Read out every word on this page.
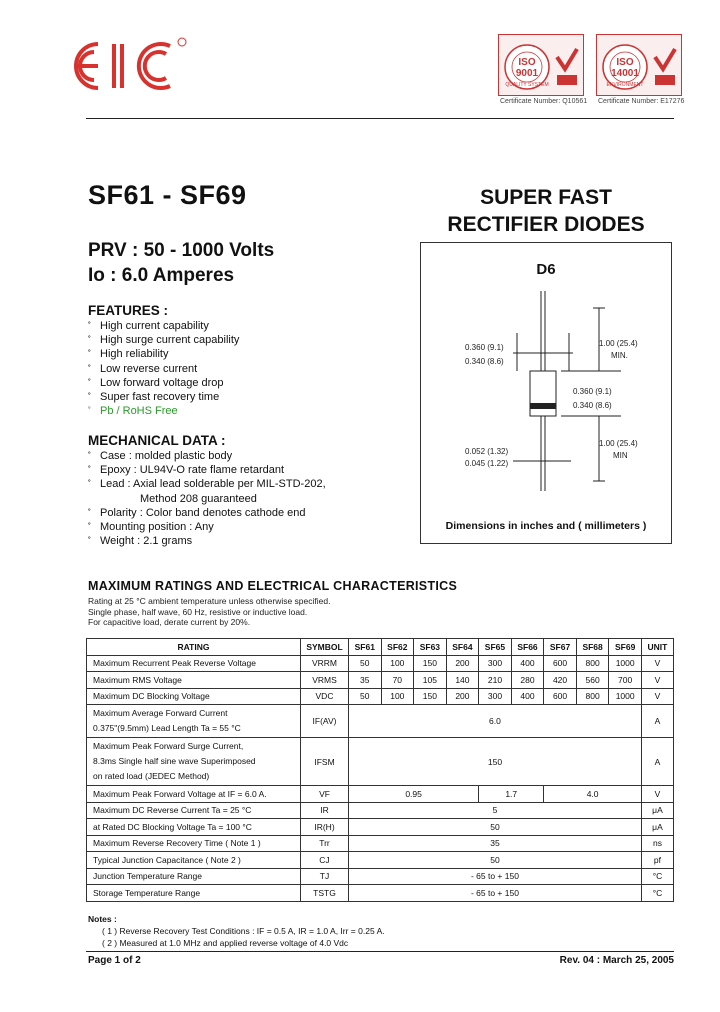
QUALITY SYSTEM
ISO
9001
ENVIRONMENT
ISO
14001
Certificate Number: Q10561 Certificate Number: E17276
SF61 - SF69	SUPER FAST
RECTIFIER DIODES
PRV : 50 - 1000 Volts
Io : 6.0 Amperes
FEATURES :
˚ High current capability
˚ High surge current capability
˚ High reliability
˚ Low reverse current
˚ Low forward voltage drop
˚ Super fast recovery time
˚ Pb / RoHS Free
MECHANICAL DATA :
˚ Case : molded plastic body
˚ Epoxy : UL94V-O rate flame retardant
˚ Lead : Axial lead solderable per MIL-STD-202,
Method 208 guaranteed
˚ Polarity : Color band denotes cathode end
˚ Mounting position : Any
˚ Weight : 2.1 grams
D6
0.360 (9.1)
0.340 (8.6)
1.00 (25.4)
MIN.
0.360 (9.1)
0.340 (8.6)
0.052 (1.32)
0.045 (1.22)
1.00 (25.4)
MIN
Dimensions in inches and ( millimeters )
MAXIMUM RATINGS AND ELECTRICAL CHARACTERISTICS
Rating at 25 °C ambient temperature unless otherwise specified.
Single phase, half wave, 60 Hz, resistive or inductive load.
For capacitive load, derate current by 20%.
RATING	SYMBOL	SF61	SF62	SF63	SF64	SF65	SF66	SF67	SF68	SF69	UNIT
Maximum Recurrent Peak Reverse Voltage	VRRM	50	100	150	200	300	400	600	800	1000	V
Maximum RMS Voltage	VRMS	35	70	105	140	210	280	420	560	700	V
Maximum DC Blocking Voltage	VDC	50	100	150	200	300	400	600	800	1000	V

Maximum Average Forward Current
0.375"(9.5mm) Lead Length Ta = 55 °C	IF(AV)	6.0									A

Maximum Peak Forward Surge Current,
8.3ms Single half sine wave Superimposed
on rated load (JEDEC Method)	IFSM	150									A
Maximum Peak Forward Voltage at IF = 6.0 A.	VF	0.95				1.7		4.0			V
Maximum DC Reverse Current Ta = 25 °C	IR	5									μA
at Rated DC Blocking Voltage Ta = 100 °C	IR(H)	50									μA
Maximum Reverse Recovery Time ( Note 1 )	Trr	35									ns
Typical Junction Capacitance ( Note 2 )	CJ	50									pf
Junction Temperature Range	TJ	- 65 to + 150									°C
Storage Temperature Range	TSTG	- 65 to + 150									°C
Notes :
( 1 ) Reverse Recovery Test Conditions : IF = 0.5 A, IR = 1.0 A, Irr = 0.25 A.
( 2 ) Measured at 1.0 MHz and applied reverse voltage of 4.0 Vdc
Page 1 of 2	Rev. 04 : March 25, 2005
